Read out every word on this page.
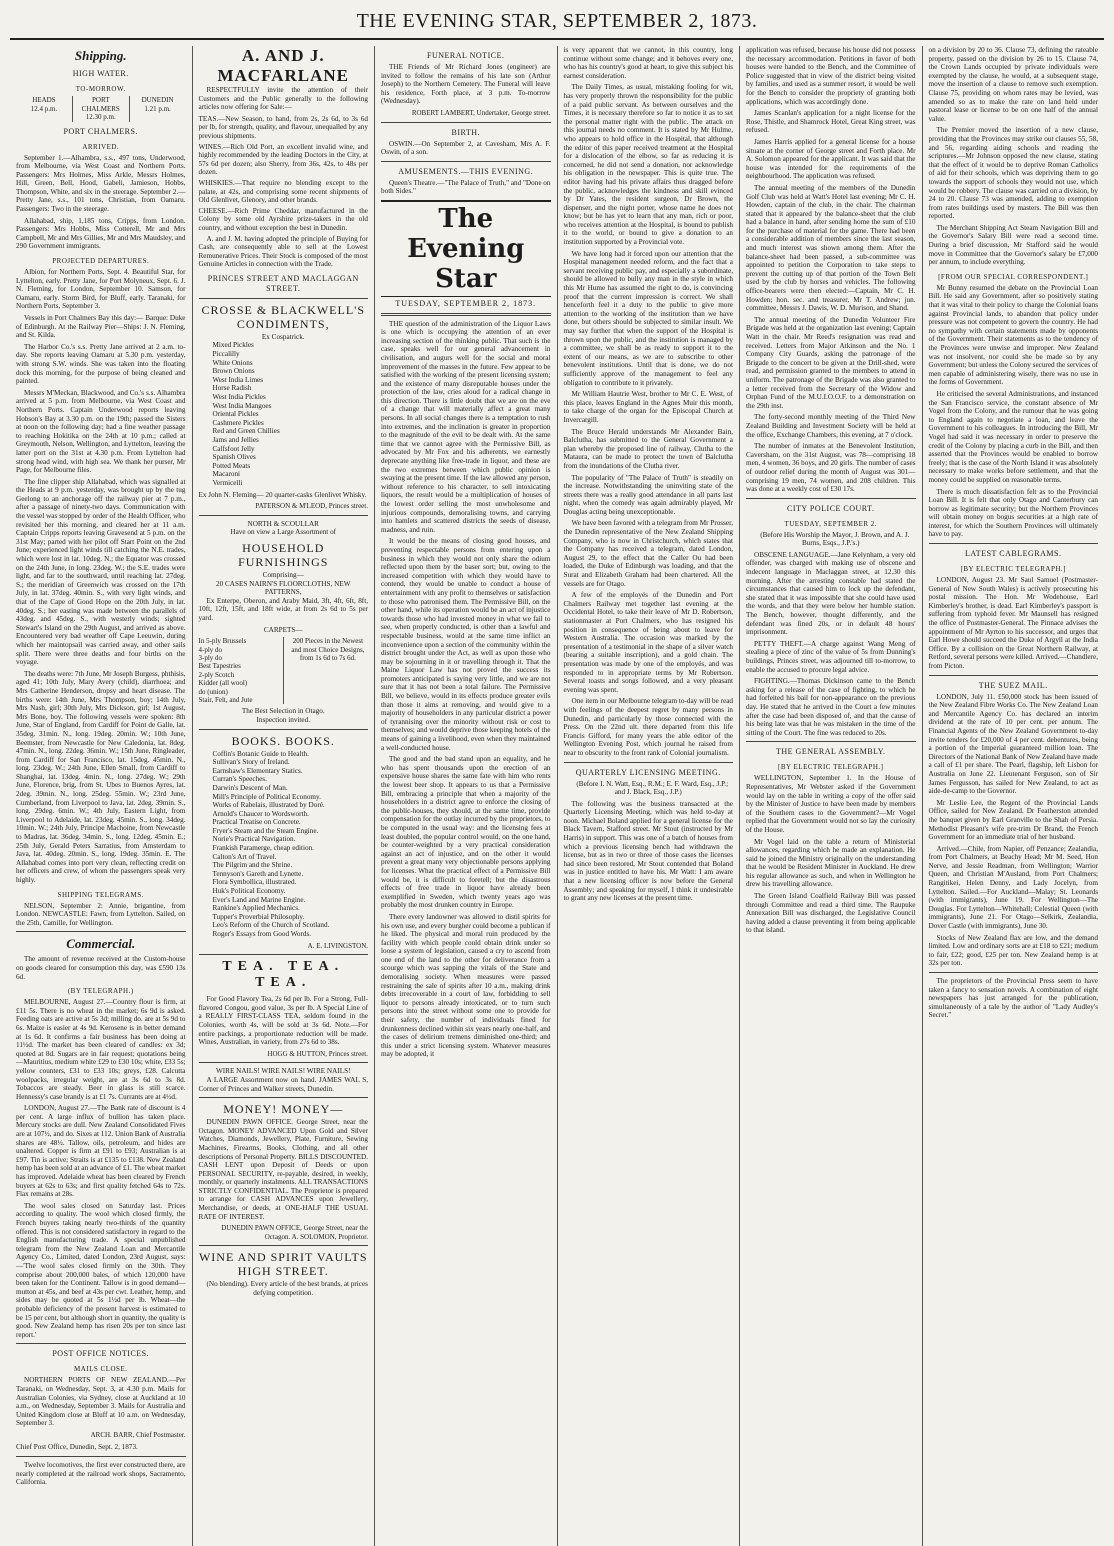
THE EVENING STAR, SEPTEMBER 2, 1873.
Shipping.
HIGH WATER.
TO-MORROW.
HEADS
12.4 p.m.
PORT CHALMERS
12.30 p.m.
DUNEDIN
1.21 p.m.
PORT CHALMERS.
ARRIVED.

September 1.—Alhambra, s.s., 497 tons, Underwood, from Melbourne, via West Coast and Northern Ports. Passengers: Mrs Holmes, Miss Arkle, Messrs Holmes, Hill, Green, Bell, Hood, Gabeli, Jamieson, Hobbs, Thompson, White, and six in the steerage. September 2.—Pretty Jane, s.s., 101 tons, Christian, from Oamaru. Passengers: Two in the steerage.

Allahabad, ship, 1,185 tons, Cripps, from London. Passengers: Mrs Hobbs, Miss Cotterell, Mr and Mrs Campbell, Mr and Mrs Gillies, Mr and Mrs Maudsley, and 290 Government immigrants.

PROJECTED DEPARTURES.

Albion, for Northern Ports, Sept. 4. Beautiful Star, for Lyttelton, early. Pretty Jane, for Port Molyneux, Sept. 6. J. N. Fleming, for London, September 10. Samson, for Oamaru, early. Storm Bird, for Bluff, early. Taranaki, for Northern Ports, September 3.

Vessels in Port Chalmers Bay this day:— Barque: Duke of Edinburgh. At the Railway Pier—Ships: J. N. Fleming, and St. Kilda.

The Harbor Co.'s s.s. Pretty Jane arrived at 2 a.m. to-day. She reports leaving Oamaru at 5.30 p.m. yesterday, with strong S.W. winds. She was taken into the floating dock this morning, for the purpose of being cleaned and painted.

Messrs M'Meckan, Blackwood, and Co.'s s.s. Alhambra arrived at 5 p.m. from Melbourne, via West Coast and Northern Ports. Captain Underwood reports leaving Hobson's Bay at 3.30 p.m. on the 19th; passed the Sisters at noon on the following day; had a fine weather passage to reaching Hokitika on the 24th at 10 p.m.; called at Greymouth, Nelson, Wellington, and Lyttelton, leaving the latter port on the 31st at 4.30 p.m. From Lyttelton had strong head wind, with high sea. We thank her purser, Mr Page, for Melbourne files.

The fine clipper ship Allahabad, which was signalled at the Heads at 9 p.m. yesterday, was brought up by the tug Geelong to an anchorage off the railway pier at 7 p.m., after a passage of ninety-two days. Communication with the vessel was stopped by order of the Health Officer, who revisited her this morning, and cleared her at 11 a.m. Captain Cripps reports leaving Gravesend at 5 p.m. on the 31st May; parted with her pilot off Start Point on the 2nd June; experienced light winds till catching the N.E. trades, which were lost in lat. 10deg. N.; the Equator was crossed on the 24th June, in long. 23deg. W.; the S.E. trades were light, and far to the southward, until reaching lat. 27deg. S.; the meridian of Greenwich was crossed on the 17th July, in lat. 37deg. 40min. S., with very light winds, and that of the Cape of Good Hope on the 20th July, in lat. 40deg. S.; her easting was made between the parallels of 43deg. and 45deg. S., with westerly winds; sighted Stewart's Island on the 29th August, and arrived as above. Encountered very bad weather off Cape Leeuwin, during which her maintopsail was carried away, and other sails split. There were three deaths and four births on the voyage.

The deaths were: 7th June, Mr Joseph Burgess, phthisis, aged 41; 10th July, Mary Avery (child), diarrhoea; and Mrs Catherine Henderson, dropsy and heart disease. The births were: 14th June, Mrs Thompson, boy; 14th July, Mrs Nash, girl; 30th July, Mrs Dickson, girl; 1st August, Mrs Bone, boy. The following vessels were spoken: 8th June, Star of England, from Cardiff for Point de Galle, lat. 35deg. 31min. N., long. 19deg. 20min. W.; 10th June, Beemster, from Newcastle for New Caledonia, lat. 8deg. 47min. N., long. 22deg. 36min. W.; 15th June, Ringleader, from Cardiff for San Francisco, lat. 15deg. 45min. N., long. 23deg. W.; 24th June, Ellen Small, from Cardiff to Shanghai, lat. 13deg. 4min. N., long. 27deg. W.; 29th June, Florence, brig, from St. Ubes to Buenos Ayres, lat. 2deg. 39min. N., long. 25deg. 55min. W.; 23rd June, Cumberland, from Liverpool to Java, lat. 2deg. 39min. S., long. 29deg. 6min. W.; 4th July, Eastern Light, from Liverpool to Adelaide, lat. 23deg. 45min. S., long. 34deg. 10min. W.; 24th July, Principe Machoine, from Newcastle to Madras, lat. 36deg. 34min. S., long. 12deg. 45min. E.; 25th July, Gerald Peters Sarratius, from Amsterdam to Java, lat. 40deg. 20min. S., long. 19deg. 35min. E. The Allahabad comes into port very clean, reflecting credit on her officers and crew, of whom the passengers speak very highly.

SHIPPING TELEGRAMS.

NELSON, September 2: Annie, brigantine, from London. NEWCASTLE: Fawn, from Lyttelton. Sailed, on the 25th, Camille, for Wellington.

Commercial.

The amount of revenue received at the Custom-house on goods cleared for consumption this day, was £590 13s 6d.

(BY TELEGRAPH.)

MELBOURNE, August 27.—Country flour is firm, at £11 5s. There is no wheat in the market; 6s 9d is asked. Feeding oats are active at 5s 3d; milling do. are at 5s 9d to 6s. Maize is easier at 4s 9d. Kerosene is in better demand at 1s 6d. It confirms a fair business has been doing at 11½d. The market has been cleared of candles: ex 3d; quoted at 8d. Sugars are in fair request; quotations being—Mauritius, medium white £29 to £30 10s; white, £33 5s; yellow counters, £31 to £33 10s; greys, £28. Calcutta woolpacks, irregular weight, are at 3s 6d to 3s 8d. Tobaccos are steady. Beer in glass is still scarce. Hennessy's case brandy is at £1 7s. Currants are at 4½d.

LONDON, August 27.—The Bank rate of discount is 4 per cent. A large influx of bullion has taken place. Mercury stocks are dull. New Zealand Consolidated Fives are at 107½, and do. Sixes at 112. Union Bank of Australia shares are 48½. Tallow, oils, petroleum, and hides are unaltered. Copper is firm at £91 to £93; Australian is at £97. Tin is active; Straits is at £135 to £138. New Zealand hemp has been sold at an advance of £1. The wheat market has improved. Adelaide wheat has been cleared by French buyers at 62s to 63s; and first quality fetched 64s to 72s. Flax remains at 28s.

The wool sales closed on Saturday last. Prices according to quality. The wool which closed firmly, the French buyers taking nearly two-thirds of the quantity offered. This is not considered satisfactory in regard to the English manufacturing trade. A special unpublished telegram from the New Zealand Loan and Mercantile Agency Co., Limited, dated London, 23rd August, says:—'The wool sales closed firmly on the 30th. They comprise about 200,000 bales, of which 120,000 have been taken for the Continent. Tallow is in good demand—mutton at 45s, and beef at 43s per cwt. Leather, hemp, and sides may be quoted at 5s 1½d per lb. Wheat—the probable deficiency of the present harvest is estimated to be 15 per cent, but although short in quantity, the quality is good. New Zealand hemp has risen 20s per ton since last report.'

POST OFFICE NOTICES.
MAILS CLOSE.

NORTHERN PORTS OF NEW ZEALAND.—Per Taranaki, on Wednesday, Sept. 3, at 4.30 p.m. Mails for Australian Colonies, via Sydney, close at Auckland at 10 a.m., on Wednesday, September 3. Mails for Australia and United Kingdom close at Bluff at 10 a.m. on Wednesday, September 3.

ARCH. BARR, Chief Postmaster.

Chief Post Office, Dunedin, Sept. 2, 1873.

Twelve locomotives, the first ever constructed there, are nearly completed at the railroad work shops, Sacramento, California.

A. AND J. MACFARLANE

RESPECTFULLY invite the attention of their Customers and the Public generally to the following articles now offering for Sale:—

TEAS.—New Season, to hand, from 2s, 2s 6d, to 3s 6d per lb, for strength, quality, and flavour, unequalled by any previous shipments.

WINES.—Rich Old Port, an excellent invalid wine, and highly recommended by the leading Doctors in the City, at 57s 6d per dozen; also Sherry, from 36s, 42s, to 48s per dozen.

WHISKIES.—That require no blending except to the palate, at 42s, and comprising some recent shipments of Old Glenlivet, Glenory, and other brands.

CHEESE.—Rich Prime Cheddar, manufactured in the Colony by some old Ayrshire prize-takers in the old country, and without exception the best in Dunedin.

A. and J. M. having adopted the principle of Buying for Cash, are consequently able to sell at the Lowest Remunerative Prices. Their Stock is composed of the most Genuine Articles in connection with the Trade.

PRINCES STREET AND MACLAGGAN STREET.
CROSSE & BLACKWELL'S CONDIMENTS,
Ex Cospatrick.
Mixed Pickles
Piccalilly
White Onions
Brown Onions
West India Limes
Horse Radish
West India Pickles
West India Mangoes
Oriental Pickles
Cashmere Pickles
Red and Green Chillies
Jams and Jellies
Calfsfoot Jelly
Spanish Olives
Potted Meats
Macaroni
Vermicelli

Ex John N. Fleming— 20 quarter-casks Glenlivet Whisky.

PATERSON & M'LEOD, Princes street.
NORTH & SCOULLAR
Have on view a Large Assortment of
HOUSEHOLD FURNISHINGS
Comprising—
20 CASES NAIRN'S FLOORCLOTHS, NEW PATTERNS,

Ex Enterpe, Oberon, and Araby Maid, 3ft, 4ft, 6ft, 8ft, 10ft, 12ft, 15ft, and 18ft wide, at from 2s 6d to 5s per yard.

CARPETS—
In 5-ply Brussels
4-ply do
3-ply do
Best Tapestries
2-ply Scotch
Kidder (all wool)
do (union)
Stair, Felt, and Jute
200 Pieces in the Newest and most Choice Designs, from 1s 6d to 7s 6d.
The Best Selection in Otago.
Inspection invited.
BOOKS. BOOKS.
Coffin's Botanic Guide to Health.
Sullivan's Story of Ireland.
Earnshaw's Elementary Statics.
Curran's Speeches.
Darwin's Descent of Man.
Mill's Principle of Political Economy.
Works of Rabelais, illustrated by Doré.
Arnold's Chaucer to Wordsworth.
Practical Treatise on Concrete.
Fryer's Steam and the Steam Engine.
Norie's Practical Navigation.
Frankish Paramerge, cheap edition.
Calton's Art of Travel.
The Pilgrim and the Shrine.
Tennyson's Gareth and Lynette.
Flora Symbollica, illustrated.
Huk's Political Economy.
Ever's Land and Marine Engine.
Rankine's Applied Mechanics.
Tupper's Proverbial Philosophy.
Leo's Reform of the Church of Scotland.
Roger's Essays from Good Words.
A. E. LIVINGSTON.
TEA. TEA. TEA.

For Good Flavory Tea, 2s 6d per lb. For a Strong, Full-flavored Congou, good value, 3s per lb. A Special Line of a REALLY FIRST-CLASS TEA, seldom found in the Colonies, worth 4s, will be sold at 3s 6d. Note.—For entire packings, a proportionate reduction will be made. Wines, Australian, in variety, from 27s 6d to 38s.

HOGG & HUTTON, Princes street.
WIRE NAILS! WIRE NAILS! WIRE NAILS!

A LARGE Assortment now on hand. JAMES WAL S, Corner of Princes and Walker streets, Dunedin.

MONEY! MONEY—

DUNEDIN PAWN OFFICE. George Street, near the Octagon. MONEY ADVANCED Upon Gold and Silver Watches, Diamonds, Jewellery, Plate, Furniture, Sewing Machines, Firearms, Books, Clothing, and all other descriptions of Personal Property. BILLS DISCOUNTED. CASH LENT upon Deposit of Deeds or upon PERSONAL SECURITY, re-payable, desired, in weekly, monthly, or quarterly instalments. ALL TRANSACTIONS STRICTLY CONFIDENTIAL. The Proprietor is prepared to arrange for CASH ADVANCES upon Jewellery, Merchandise, or deeds, at ONE-HALF THE USUAL RATE OF INTEREST.

DUNEDIN PAWN OFFICE, George Street, near the Octagon. A. SOLOMON, Proprietor.
WINE AND SPIRIT VAULTS HIGH STREET.

(No blending). Every article of the best brands, at prices defying competition.

FUNERAL NOTICE.

THE Friends of Mr Richard Jones (engineer) are invited to follow the remains of his late son (Arthur Joseph) to the Northern Cemetery. The Funeral will leave his residence, Forth place, at 3 p.m. To-morrow (Wednesday).

ROBERT LAMBERT, Undertaker, George street.
BIRTH.

OSWIN.—On September 2, at Cavesham, Mrs A. F. Oswin, of a son.

AMUSEMENTS.—THIS EVENING.

Queen's Theatre.—"The Palace of Truth," and "Done on both Sides."

The Evening Star
TUESDAY, SEPTEMBER 2, 1873.

THE question of the administration of the Liquor Laws is one which is occupying the attention of an ever increasing section of the thinking public. That such is the case, speaks well for our general advancement in civilisation, and augurs well for the social and moral improvement of the masses in the future. Few appear to be satisfied with the working of the present licensing system; and the existence of many disreputable houses under the protection of the law, cries aloud for a radical change in this direction. There is little doubt that we are on the eve of a change that will materially affect a great many persons. In all social changes there is a temptation to rush into extremes, and the inclination is greater in proportion to the magnitude of the evil to be dealt with. At the same time that we cannot agree with the Permissive Bill, as advocated by Mr Fox and his adherents, we earnestly deprecate anything like free-trade in liquor, and these are the two extremes between which public opinion is swaying at the present time. If the law allowed any person, without reference to his character, to sell intoxicating liquors, the result would be a multiplication of houses of the lowest order selling the most unwholesome and injurious compounds, demoralising towns, and carrying into hamlets and scattered districts the seeds of disease, madness, and ruin.

It would be the means of closing good houses, and preventing respectable persons from entering upon a business in which they would not only share the odium reflected upon them by the baser sort; but, owing to the increased competition with which they would have to contend, they would be unable to conduct a house of entertainment with any profit to themselves or satisfaction to those who patronised them. The Permissive Bill, on the other hand, while its operation would be an act of injustice towards those who had invested money in what we fail to see, when properly conducted, is other than a lawful and respectable business, would at the same time inflict an inconvenience upon a section of the community within the district brought under the Act, as well as upon those who may be sojourning in it or travelling through it. That the Maine Liquor Law has not proved the success its promoters anticipated is saying very little, and we are not sure that it has not been a total failure. The Permissive Bill, we believe, would in its effects produce greater evils than those it aims at removing, and would give to a majority of householders in any particular district a power of tyrannising over the minority without risk or cost to themselves; and would deprive those keeping hotels of the means of gaining a livelihood, even when they maintained a well-conducted house.

The good and the bad stand upon an equality, and he who has spent thousands upon the erection of an expensive house shares the same fate with him who rents the lowest beer shop. It appears to us that a Permissive Bill, embracing a principle that when a majority of the householders in a district agree to enforce the closing of the public-houses, they should, at the same time, provide compensation for the outlay incurred by the proprietors, to be computed in the usual way: and the licensing fees at least doubled, the popular control would, on the one hand, be counter-weighted by a very practical consideration against an act of injustice, and on the other it would prevent a great many very objectionable persons applying for licenses. What the practical effect of a Permissive Bill would be, it is difficult to foretell; but the disastrous effects of free trade in liquor have already been exemplified in Sweden, which twenty years ago was probably the most drunken country in Europe.

There every landowner was allowed to distil spirits for his own use, and every burgher could become a publican if he liked. The physical and moral ruin produced by the facility with which people could obtain drink under so loose a system of legislation, caused a cry to ascend from one end of the land to the other for deliverance from a scourge which was sapping the vitals of the State and demoralising society. When measures were passed restraining the sale of spirits after 10 a.m., making drink debts irrecoverable in a court of law, forbidding to sell liquor to persons already intoxicated, or to turn such persons into the street without some one to provide for their safety, the number of individuals fined for drunkenness declined within six years nearly one-half, and the cases of delirium tremens diminished one-third; and this under a strict licensing system. Whatever measures may be adopted, it

is very apparent that we cannot, in this country, long continue without some change; and it behoves every one, who has his country's good at heart, to give this subject his earnest consideration.

The Daily Times, as usual, mistaking fooling for wit, has very properly thrown the responsibility for the public of a paid public servant. As between ourselves and the Times, it is necessary therefore so far to notice it as to set the personal matter right with the public. The attack on this journal needs no comment. It is stated by Mr Hulme, who appears to hold office in the Hospital, that although the editor of this paper received treatment at the Hospital for a dislocation of the elbow, so far as reducing it is concerned, he did not send a donation, nor acknowledge his obligation in the newspaper. This is quite true. The editor having had his private affairs thus dragged before the public, acknowledges the kindness and skill evinced by Dr Yates, the resident surgeon, Dr Brown, the dispenser, and the night porter, whose name he does not know; but he has yet to learn that any man, rich or poor, who receives attention at the Hospital, is bound to publish it to the world, or bound to give a donation to an institution supported by a Provincial vote.

We have long had it forced upon our attention that the Hospital management needed reform, and the fact that a servant receiving public pay, and especially a subordinate, should be allowed to bully any man in the style in which this Mr Hume has assumed the right to do, is convincing proof that the current impression is correct. We shall henceforth feel it a duty to the public to give more attention to the working of the institution than we have done, but others should be subjected to similar insult. We may say further that when the support of the Hospital is thrown upon the public, and the institution is managed by a committee, we shall be as ready to support it to the extent of our means, as we are to subscribe to other benevolent institutions. Until that is done, we do not sufficiently approve of the management to feel any obligation to contribute to it privately.

Mr William Hautrie West, brother to Mr C. E. West, of this place, leaves England in the Agnes Muir this month, to take charge of the organ for the Episcopal Church at Invercargill.

The Bruce Herald understands Mr Alexander Bain, Balclutha, has submitted to the General Government a plan whereby the proposed line of railway, Clutha to the Mataura, can be made to protect the town of Balclutha from the inundations of the Clutha river.

The popularity of "The Palace of Truth" is steadily on the increase. Notwithstanding the uninviting state of the streets there was a really good attendance in all parts last night, when the comedy was again admirably played, Mr Douglas acting being unexceptionable.

We have been favored with a telegram from Mr Prosser, the Dunedin representative of the New Zealand Shipping Company, who is now in Christchurch, which states that the Company has received a telegram, dated London, August 29, to the effect that the Caller Ou had been loaded, the Duke of Edinburgh was loading, and that the Surat and Elizabeth Graham had been chartered. All the vessels are for Otago.

A few of the employés of the Dunedin and Port Chalmers Railway met together last evening at the Occidental Hotel, to take their leave of Mr D. Robertson, stationmaster at Port Chalmers, who has resigned his position in consequence of being about to leave for Western Australia. The occasion was marked by the presentation of a testimonial in the shape of a silver watch (bearing a suitable inscription), and a gold chain. The presentation was made by one of the employés, and was responded to in appropriate terms by Mr Robertson. Several toasts and songs followed, and a very pleasant evening was spent.

One item in our Melbourne telegram to-day will be read with feelings of the deepest regret by many persons in Dunedin, and particularly by those connected with the Press. On the 22nd ult. there departed from this life Francis Gifford, for many years the able editor of the Wellington Evening Post, which journal he raised from near to obscurity to the front rank of Colonial journalism.

QUARTERLY LICENSING MEETING.

(Before I. N. Watt, Esq., R.M.; E. F. Ward, Esq., J.P.; and J. Black, Esq., J.P.)

The following was the business transacted at the Quarterly Licensing Meeting, which was held to-day at noon. Michael Boland applied for a general license for the Black Tavern, Stafford street. Mr Stout (instructed by Mr Harris) in support. This was one of a batch of houses from which a previous licensing bench had withdrawn the license, but as in two or three of those cases the licenses had since been restored, Mr Stout contended that Boland was in justice entitled to have his. Mr Watt: I am aware that a new licensing officer is now before the General Assembly; and speaking for myself, I think it undesirable to grant any new licenses at the present time.

application was refused, because his house did not possess the necessary accommodation. Petitions in favor of both houses were handed to the Bench, and the Committee of Police suggested that in view of the district being visited by families, and used as a summer resort, it would be well for the Bench to consider the propriety of granting both applications, which was accordingly done.

James Scanlan's application for a night license for the Rose, Thistle, and Shamrock Hotel, Great King street, was refused.

James Harris applied for a general license for a house situate at the corner of George street and Forth place. Mr A. Solomon appeared for the applicant. It was said that the house was intended for the requirements of the neighbourhood. The application was refused.

The annual meeting of the members of the Dunedin Golf Club was held at Watt's Hotel last evening; Mr C. H. Howden, captain of the club, in the chair. The chairman stated that it appeared by the balance-sheet that the club had a balance in hand, after sending home the sum of £10 for the purchase of material for the game. There had been a considerable addition of members since the last season, and much interest was shown among them. After the balance-sheet had been passed, a sub-committee was appointed to petition the Corporation to take steps to prevent the cutting up of that portion of the Town Belt used by the club by horses and vehicles. The following office-bearers were then elected:—Captain, Mr C. H. Howden; hon. sec. and treasurer, Mr T. Andrew; jun. committee, Messrs J. Dawis, W. D. Murison, and Shand.

The annual meeting of the Dunedin Volunteer Fire Brigade was held at the organization last evening; Captain Watt in the chair. Mr Reed's resignation was read and received. Letters from Major Atkinson and the No. 1 Company City Guards, asking the patronage of the Brigade to the concert to be given at the Drill-shed, were read, and permission granted to the members to attend in uniform. The patronage of the Brigade was also granted to a letter received from the Secretary of the Widow and Orphan Fund of the M.U.I.O.O.F. to a demonstration on the 29th inst.

The forty-second monthly meeting of the Third New Zealand Building and Investment Society will be held at the office, Exchange Chambers, this evening, at 7 o'clock.

The number of inmates at the Benevolent Institution, Caversham, on the 31st August, was 78—comprising 18 men, 4 women, 36 boys, and 20 girls. The number of cases of outdoor relief during the month of August was 301—comprising 19 men, 74 women, and 208 children. This was done at a weekly cost of £30 17s.

CITY POLICE COURT.
TUESDAY, SEPTEMBER 2.

(Before His Worship the Mayor, J. Brown, and A. J. Burns, Esqs., J.P.'s.)

OBSCENE LANGUAGE.—Jane Kelynham, a very old offender, was charged with making use of obscene and indecent language in Maclaggan street, at 12.30 this morning. After the arresting constable had stated the circumstances that caused him to lock up the defendant, she stated that it was impossible that she could have used the words, and that they were below her humble station. The Bench, however, thought differently, and the defendant was fined 20s, or in default 48 hours' imprisonment.

PETTY THEFT.—A charge against Wang Meng of stealing a piece of zinc of the value of 5s from Dunning's buildings, Princes street, was adjourned till to-morrow, to enable the accused to procure legal advice.

FIGHTING.—Thomas Dickinson came to the Bench asking for a release of the case of fighting, to which he had forfeited his bail for non-appearance on the previous day. He stated that he arrived in the Court a few minutes after the case had been disposed of, and that the cause of his being late was that he was mistaken in the time of the sitting of the Court. The fine was reduced to 20s.

THE GENERAL ASSEMBLY.
[BY ELECTRIC TELEGRAPH.]

WELLINGTON, September 1. In the House of Representatives, Mr Webster asked if the Government would lay on the table in writing a copy of the offer said by the Minister of Justice to have been made by members of the Southern cases to the Government?—Mr Vogel replied that the Government would not so lay the curiosity of the House.

Mr Vogel laid on the table a return of Ministerial allowances, regarding which he made an explanation. He said he joined the Ministry originally on the understanding that he would be Resident Minister in Auckland. He drew his regular allowance as such, and when in Wellington he drew his travelling allowance.

The Green Island Coalfield Railway Bill was passed through Committee and read a third time. The Raupuke Annexation Bill was discharged, the Legislative Council having added a clause preventing it from being applicable to that island.

on a division by 20 to 36. Clause 73, defining the rateable property, passed on the division by 26 to 15. Clause 74, the Crown Lands occupied by private individuals were exempted by the clause, he would, at a subsequent stage, move the insertion of a clause to remove such exemption. Clause 75, providing on whom rates may be levied, was amended so as to make the rate on land held under pastoral lease or license to be on one half of the annual value.

The Premier moved the insertion of a new clause, providing that the Provinces may strike out clauses 55, 58, and 56, regarding aiding schools and reading the scriptures.—Mr Johnson opposed the new clause, stating that the effect of it would be to deprive Roman Catholics of aid for their schools, which was depriving them to go towards the support of schools they would not use, which would be robbery. The clause was carried on a division, by 24 to 20. Clause 73 was amended, adding to exemption from rates buildings used by masters. The Bill was then reported.

The Merchant Shipping Act Steam Navigation Bill and the Governor's Salary Bill were read a second time. During a brief discussion, Mr Stafford said he would move in Committee that the Governor's salary be £7,000 per annum, to include everything.

[FROM OUR SPECIAL CORRESPONDENT.]

Mr Bunny resumed the debate on the Provincial Loan Bill. He said any Government, after so positively stating that it was vital to their policy to charge the Colonial loans against Provincial lands, to abandon that policy under pressure was not competent to govern the country. He had no sympathy with certain statements made by opponents of the Government. Their statements as to the tendency of the Provinces were unwise and improper. New Zealand was not insolvent, nor could she be made so by any Government; but unless the Colony secured the services of men capable of administering wisely, there was no use in the forms of Government.

He criticised the several Administrations, and instanced the San Francisco service, the constant absence of Mr Vogel from the Colony, and the rumour that he was going to England again to negotiate a loan, and leave the Government to his colleagues. In introducing the Bill, Mr Vogel had said it was necessary in order to preserve the credit of the Colony by placing a curb in the Bill, and then asserted that the Provinces would be enabled to borrow freely; that is the case of the North Island it was absolutely necessary to make works before settlement, and that the money could be supplied on reasonable terms.

There is much dissatisfaction felt as to the Provincial Loan Bill. It is felt that only Otago and Canterbury can borrow as legitimate security; but the Northern Provinces will obtain money on bogus securities at a high rate of interest, for which the Southern Provinces will ultimately have to pay.

LATEST CABLEGRAMS.
[BY ELECTRIC TELEGRAPH.]

LONDON, August 23. Mr Saul Samuel (Postmaster-General of New South Wales) is actively prosecuting his postal mission. The Hon. Mr Wodehouse, Earl Kimberley's brother, is dead. Earl Kimberley's passport is suffering from typhoid fever. Mr Maunsell has resigned the office of Postmaster-General. The Pinnace advises the appointment of Mr Ayrton to his successor, and urges that Earl Howe should succeed the Duke of Argyll at the India Office. By a collision on the Great Northern Railway, at Retford, several persons were killed. Arrived.—Chandlere, from Picton.

THE SUEZ MAIL.

LONDON, July 11. £50,000 stock has been issued of the New Zealand Fibre Works Co. The New Zealand Loan and Mercantile Agency Co. has declared an interim dividend at the rate of 10 per cent. per annum. The Financial Agents of the New Zealand Government to-day invite tenders for £20,000 of 4 per cent. debentures, being a portion of the Imperial guaranteed million loan. The Directors of the National Bank of New Zealand have made a call of £1 per share. The Pearl, flagship, left Lisbon for Australia on June 22. Lieutenant Ferguson, son of Sir James Fergusson, has sailed for New Zealand, to act as aide-de-camp to the Governor.

Mr Leslie Lee, the Regent of the Provincial Lands Office, sailed for New Zealand. Dr Featherston attended the banquet given by Earl Granville to the Shah of Persia. Methodist Pleasant's wife pre-trim Dr Brand, the French Government for an immediate trial of her husband.

Arrived.—Chile, from Napier, off Penzance; Zealandia, from Port Chalmers, at Beachy Head; Mr M. Seed, Hon Nerve, and Jessie Readman, from Wellington; Warrior Queen, and Christian M'Ausland, from Port Chalmers; Rangitikei, Helen Denny, and Lady Jocelyn, from Lyttelton. Sailed.—For Auckland—Malay; St. Leonards (with immigrants), June 19. For Wellington—The Douglas. For Lyttelton—Whitehall; Celestial Queen (with immigrants), June 21. For Otago—Selkirk, Zealandia, Dover Castle (with immigrants), June 30.

Stocks of New Zealand flax are low, and the demand limited. Low and ordinary sorts are at £18 to £21; medium to fair, £22; good, £25 per ton. New Zealand hemp is at 32s per ton.

The proprietors of the Provincial Press seem to have taken a fancy to sensation novels. A combination of eight newspapers has just arranged for the publication, simultaneously of a tale by the author of "Lady Audley's Secret."
